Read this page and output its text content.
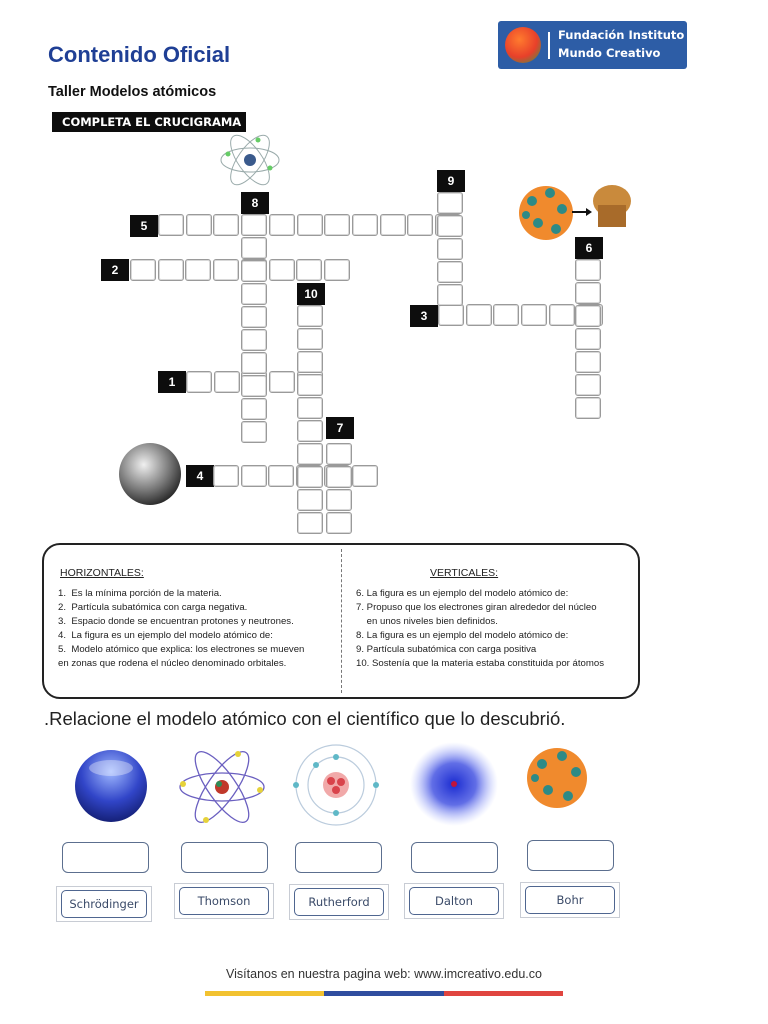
Contenido Oficial
Taller Modelos atómicos
Fundación Instituto
Mundo Creativo
COMPLETA EL CRUCIGRAMA :
5
2
3
1
4
8
9
6
10
7
HORIZONTALES:
1.  Es la mínima porción de la materia.
2.  Partícula subatómica con carga negativa.
3.  Espacio donde se encuentran protones y neutrones.
4.  La figura es un ejemplo del modelo atómico de:
5.  Modelo atómico que explica: los electrones se mueven
en zonas que rodena el núcleo denominado orbitales.
VERTICALES:
6. La figura es un ejemplo del modelo atómico de:
7. Propuso que los electrones giran alrededor del núcleo
en unos niveles bien definidos.
8. La figura es un ejemplo del modelo atómico de:
9. Partícula subatómica con carga positiva
10. Sostenía que la materia estaba constituida por átomos
.Relacione el modelo atómico con el científico que lo descubrió.
Schrödinger	Thomson	Rutherford	Dalton	Bohr
Visítanos en nuestra pagina web: www.imcreativo.edu.co
